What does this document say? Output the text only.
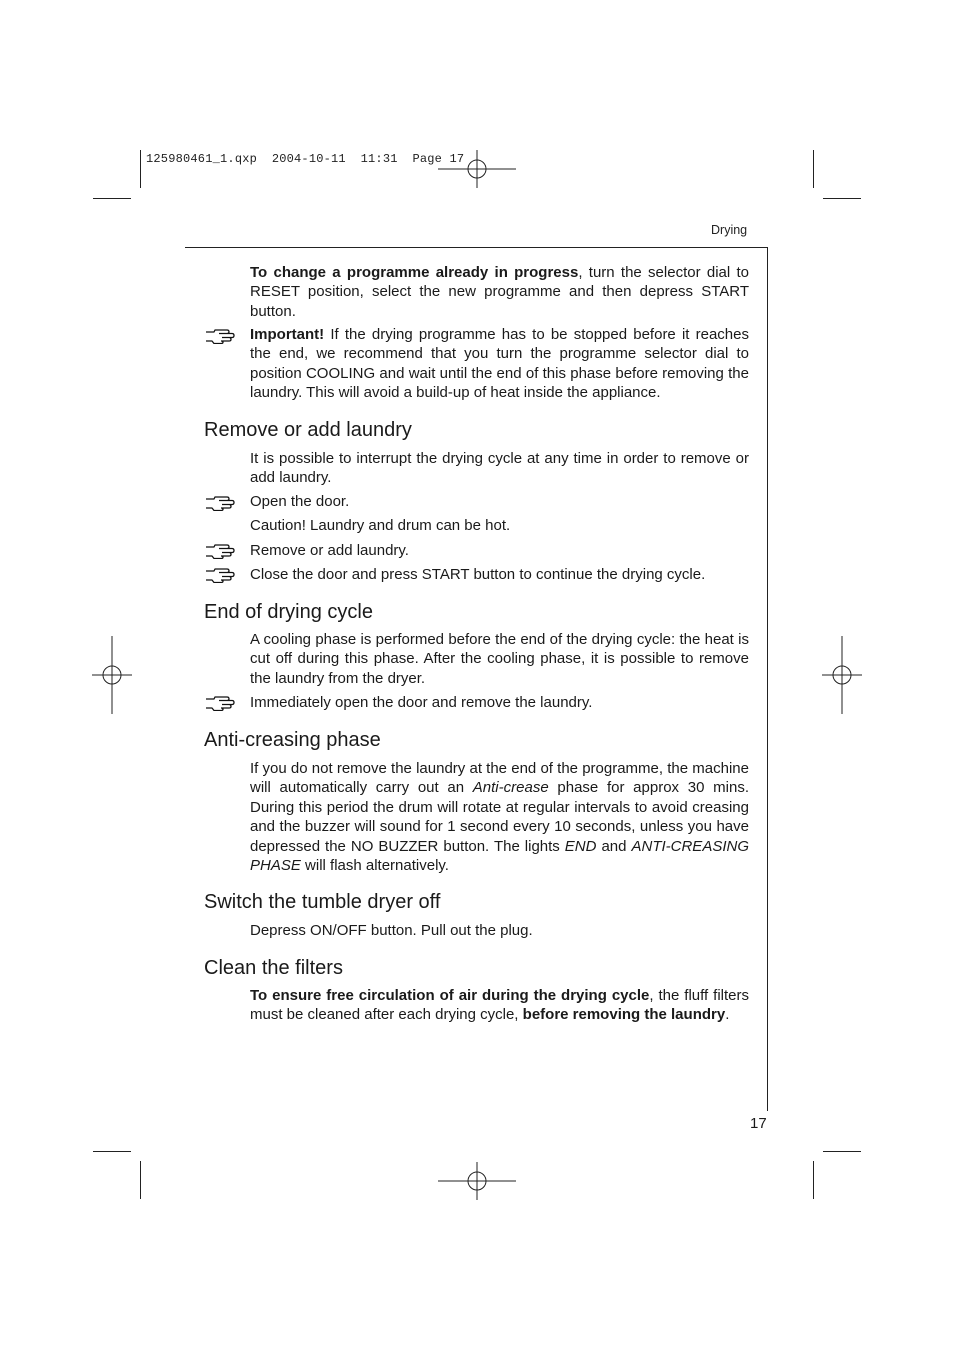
125980461_1.qxp  2004-10-11  11:31  Page 17
Drying
To change a programme already in progress, turn the selector dial to RESET position, select the new programme and then depress START button.
Important! If the drying programme has to be stopped before it reaches the end, we recommend that you turn the programme selector dial to position COOLING and wait until the end of this phase before removing the laundry. This will avoid a build-up of heat inside the appliance.
Remove or add laundry
It is possible to interrupt the drying cycle at any time in order to remove or add laundry.
Open the door.
Caution! Laundry and drum can be hot.
Remove or add laundry.
Close the door and press START button to continue the drying cycle.
End of drying cycle
A cooling phase is performed before the end of the drying cycle: the heat is cut off during this phase. After the cooling phase, it is possible to remove the laundry from the dryer.
Immediately open the door and remove the laundry.
Anti-creasing phase
If you do not remove the laundry at the end of the programme, the machine will automatically carry out an Anti-crease phase for approx 30 mins. During this period the drum will rotate at regular intervals to avoid creasing and the buzzer will sound for 1 second every 10 seconds, unless you have depressed the NO BUZZER button. The lights END and ANTI-CREASING PHASE will flash alternatively.
Switch the tumble dryer off
Depress ON/OFF button. Pull out the plug.
Clean the filters
To ensure free circulation of air during the drying cycle, the fluff filters must be cleaned after each drying cycle, before removing the laundry.
17
